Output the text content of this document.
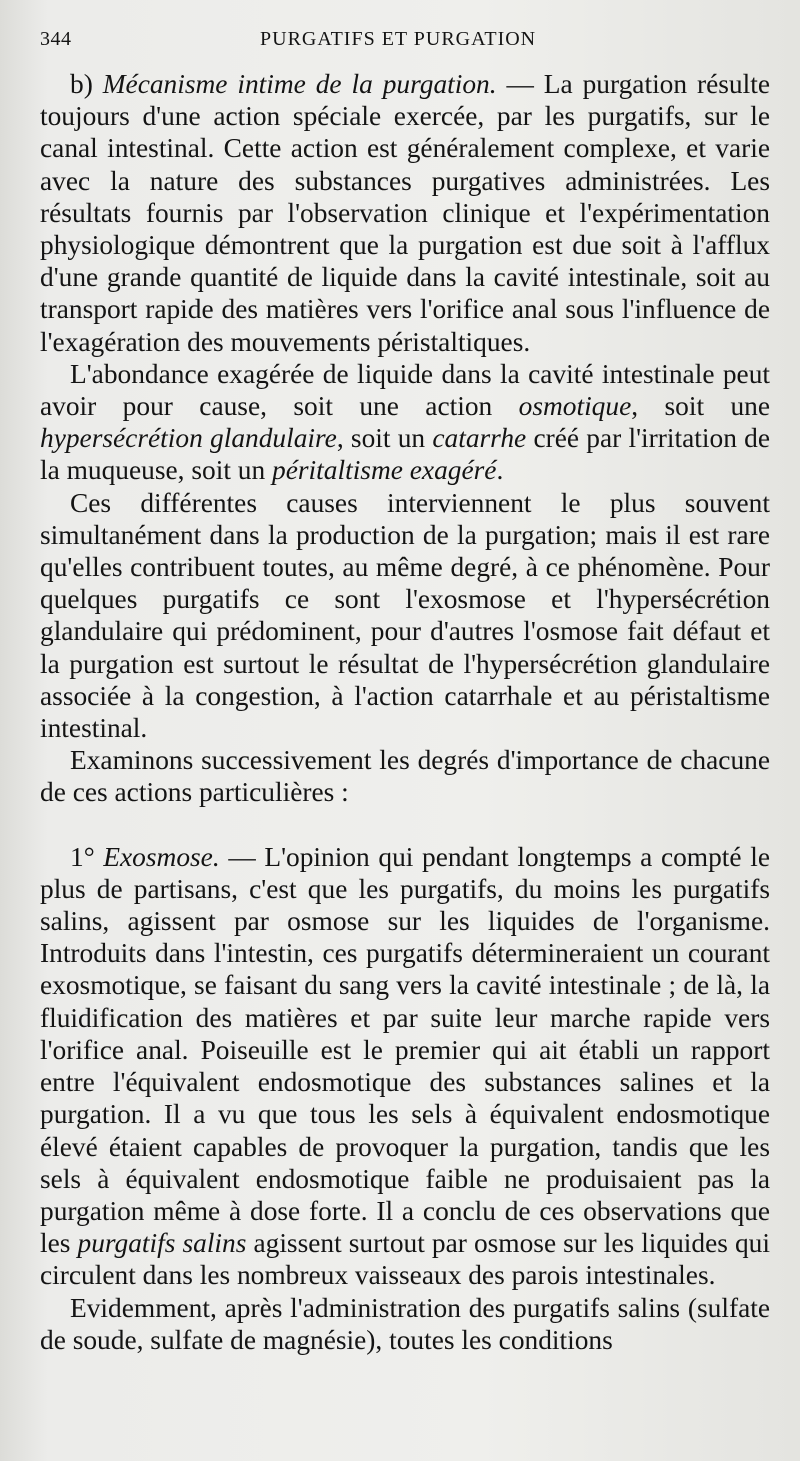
344	PURGATIFS ET PURGATION

b) Mécanisme intime de la purgation. — La purgation résulte toujours d'une action spéciale exercée, par les purgatifs, sur le canal intestinal. Cette action est généralement complexe, et varie avec la nature des substances purgatives administrées. Les résultats fournis par l'observation clinique et l'expérimentation physiologique démontrent que la purgation est due soit à l'afflux d'une grande quantité de liquide dans la cavité intestinale, soit au transport rapide des matières vers l'orifice anal sous l'influence de l'exagération des mouvements péristaltiques.

L'abondance exagérée de liquide dans la cavité intestinale peut avoir pour cause, soit une action osmotique, soit une hypersécrétion glandulaire, soit un catarrhe créé par l'irritation de la muqueuse, soit un péritaltisme exagéré.

Ces différentes causes interviennent le plus souvent simultanément dans la production de la purgation; mais il est rare qu'elles contribuent toutes, au même degré, à ce phénomène. Pour quelques purgatifs ce sont l'exosmose et l'hypersécrétion glandulaire qui prédominent, pour d'autres l'osmose fait défaut et la purgation est surtout le résultat de l'hypersécrétion glandulaire associée à la congestion, à l'action catarrhale et au péristaltisme intestinal.

Examinons successivement les degrés d'importance de chacune de ces actions particulières :

1° Exosmose. — L'opinion qui pendant longtemps a compté le plus de partisans, c'est que les purgatifs, du moins les purgatifs salins, agissent par osmose sur les liquides de l'organisme. Introduits dans l'intestin, ces purgatifs détermineraient un courant exosmotique, se faisant du sang vers la cavité intestinale ; de là, la fluidification des matières et par suite leur marche rapide vers l'orifice anal. Poiseuille est le premier qui ait établi un rapport entre l'équivalent endosmotique des substances salines et la purgation. Il a vu que tous les sels à équivalent endosmotique élevé étaient capables de provoquer la purgation, tandis que les sels à équivalent endosmotique faible ne produisaient pas la purgation même à dose forte. Il a conclu de ces observations que les purgatifs salins agissent surtout par osmose sur les liquides qui circulent dans les nombreux vaisseaux des parois intestinales.

Evidemment, après l'administration des purgatifs salins (sulfate de soude, sulfate de magnésie), toutes les conditions
